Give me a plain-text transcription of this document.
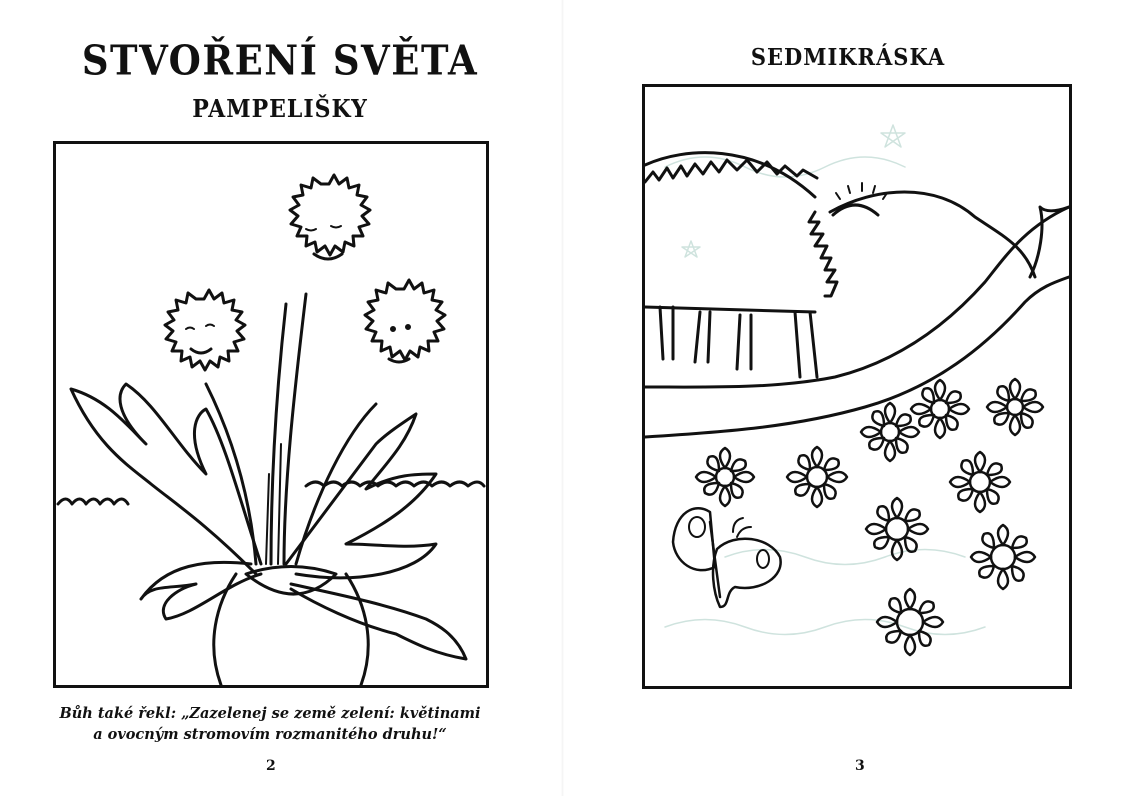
STVOŘENÍ SVĚTA
PAMPELIŠKY

Bůh také řekl: „Zazelenej se země zelení: květinami
a ovocným stromovím rozmanitého druhu!“

2
SEDMIKRÁSKA
3
